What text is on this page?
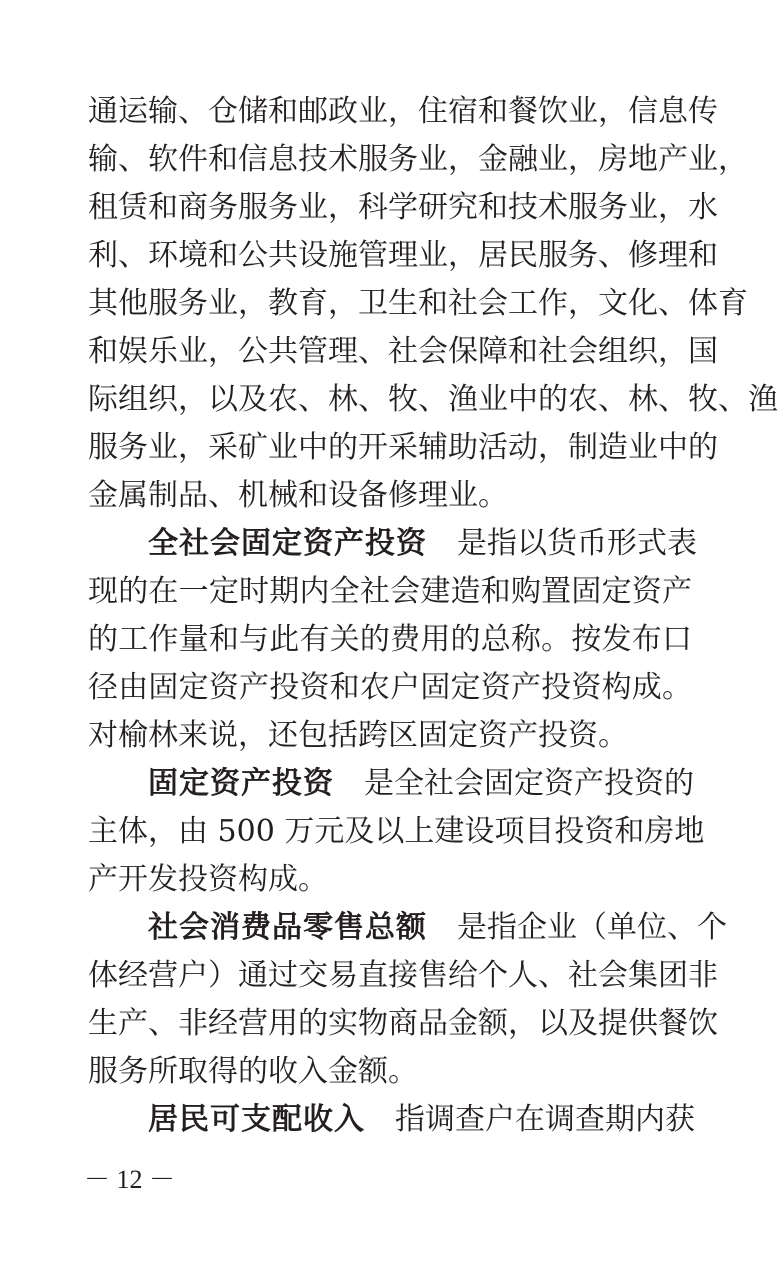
通运输、仓储和邮政业，住宿和餐饮业，信息传
输、软件和信息技术服务业，金融业，房地产业，
租赁和商务服务业，科学研究和技术服务业，水
利、环境和公共设施管理业，居民服务、修理和
其他服务业，教育，卫生和社会工作，文化、体育
和娱乐业，公共管理、社会保障和社会组织，国
际组织，以及农、林、牧、渔业中的农、林、牧、渔
服务业，采矿业中的开采辅助活动，制造业中的
金属制品、机械和设备修理业。
全社会固定资产投资　 是指以货币形式表
现的在一定时期内全社会建造和购置固定资产
的工作量和与此有关的费用的总称。按发布口
径由固定资产投资和农户固定资产投资构成。
对榆林来说，还包括跨区固定资产投资。
固定资产投资　 是全社会固定资产投资的
主体，由 500 万元及以上建设项目投资和房地
产开发投资构成。
社会消费品零售总额　 是指企业（单位、个
体经营户）通过交易直接售给个人、社会集团非
生产、非经营用的实物商品金额，以及提供餐饮
服务所取得的收入金额。
居民可支配收入　 指调查户在调查期内获
－ 12 －
